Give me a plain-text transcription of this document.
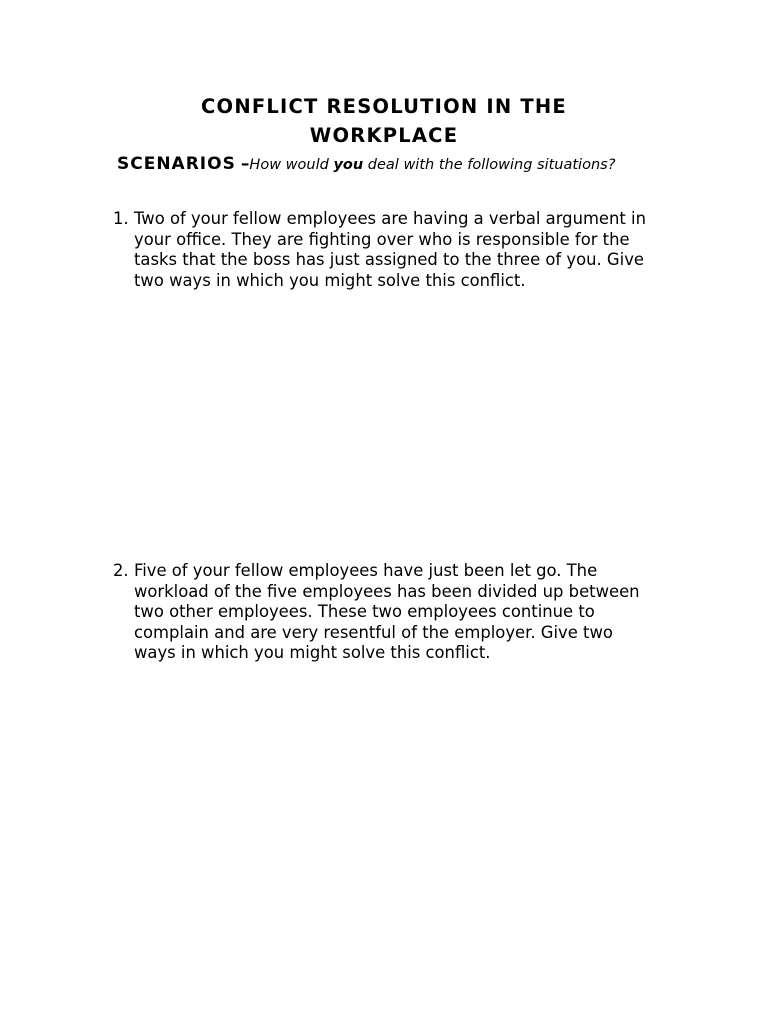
CONFLICT RESOLUTION IN THE
WORKPLACE
SCENARIOS –How would you deal with the following situations?
1. Two of your fellow employees are having a verbal argument in your office. They are fighting over who is responsible for the tasks that the boss has just assigned to the three of you. Give two ways in which you might solve this conflict.
2. Five of your fellow employees have just been let go. The workload of the five employees has been divided up between two other employees. These two employees continue to complain and are very resentful of the employer. Give two ways in which you might solve this conflict.
